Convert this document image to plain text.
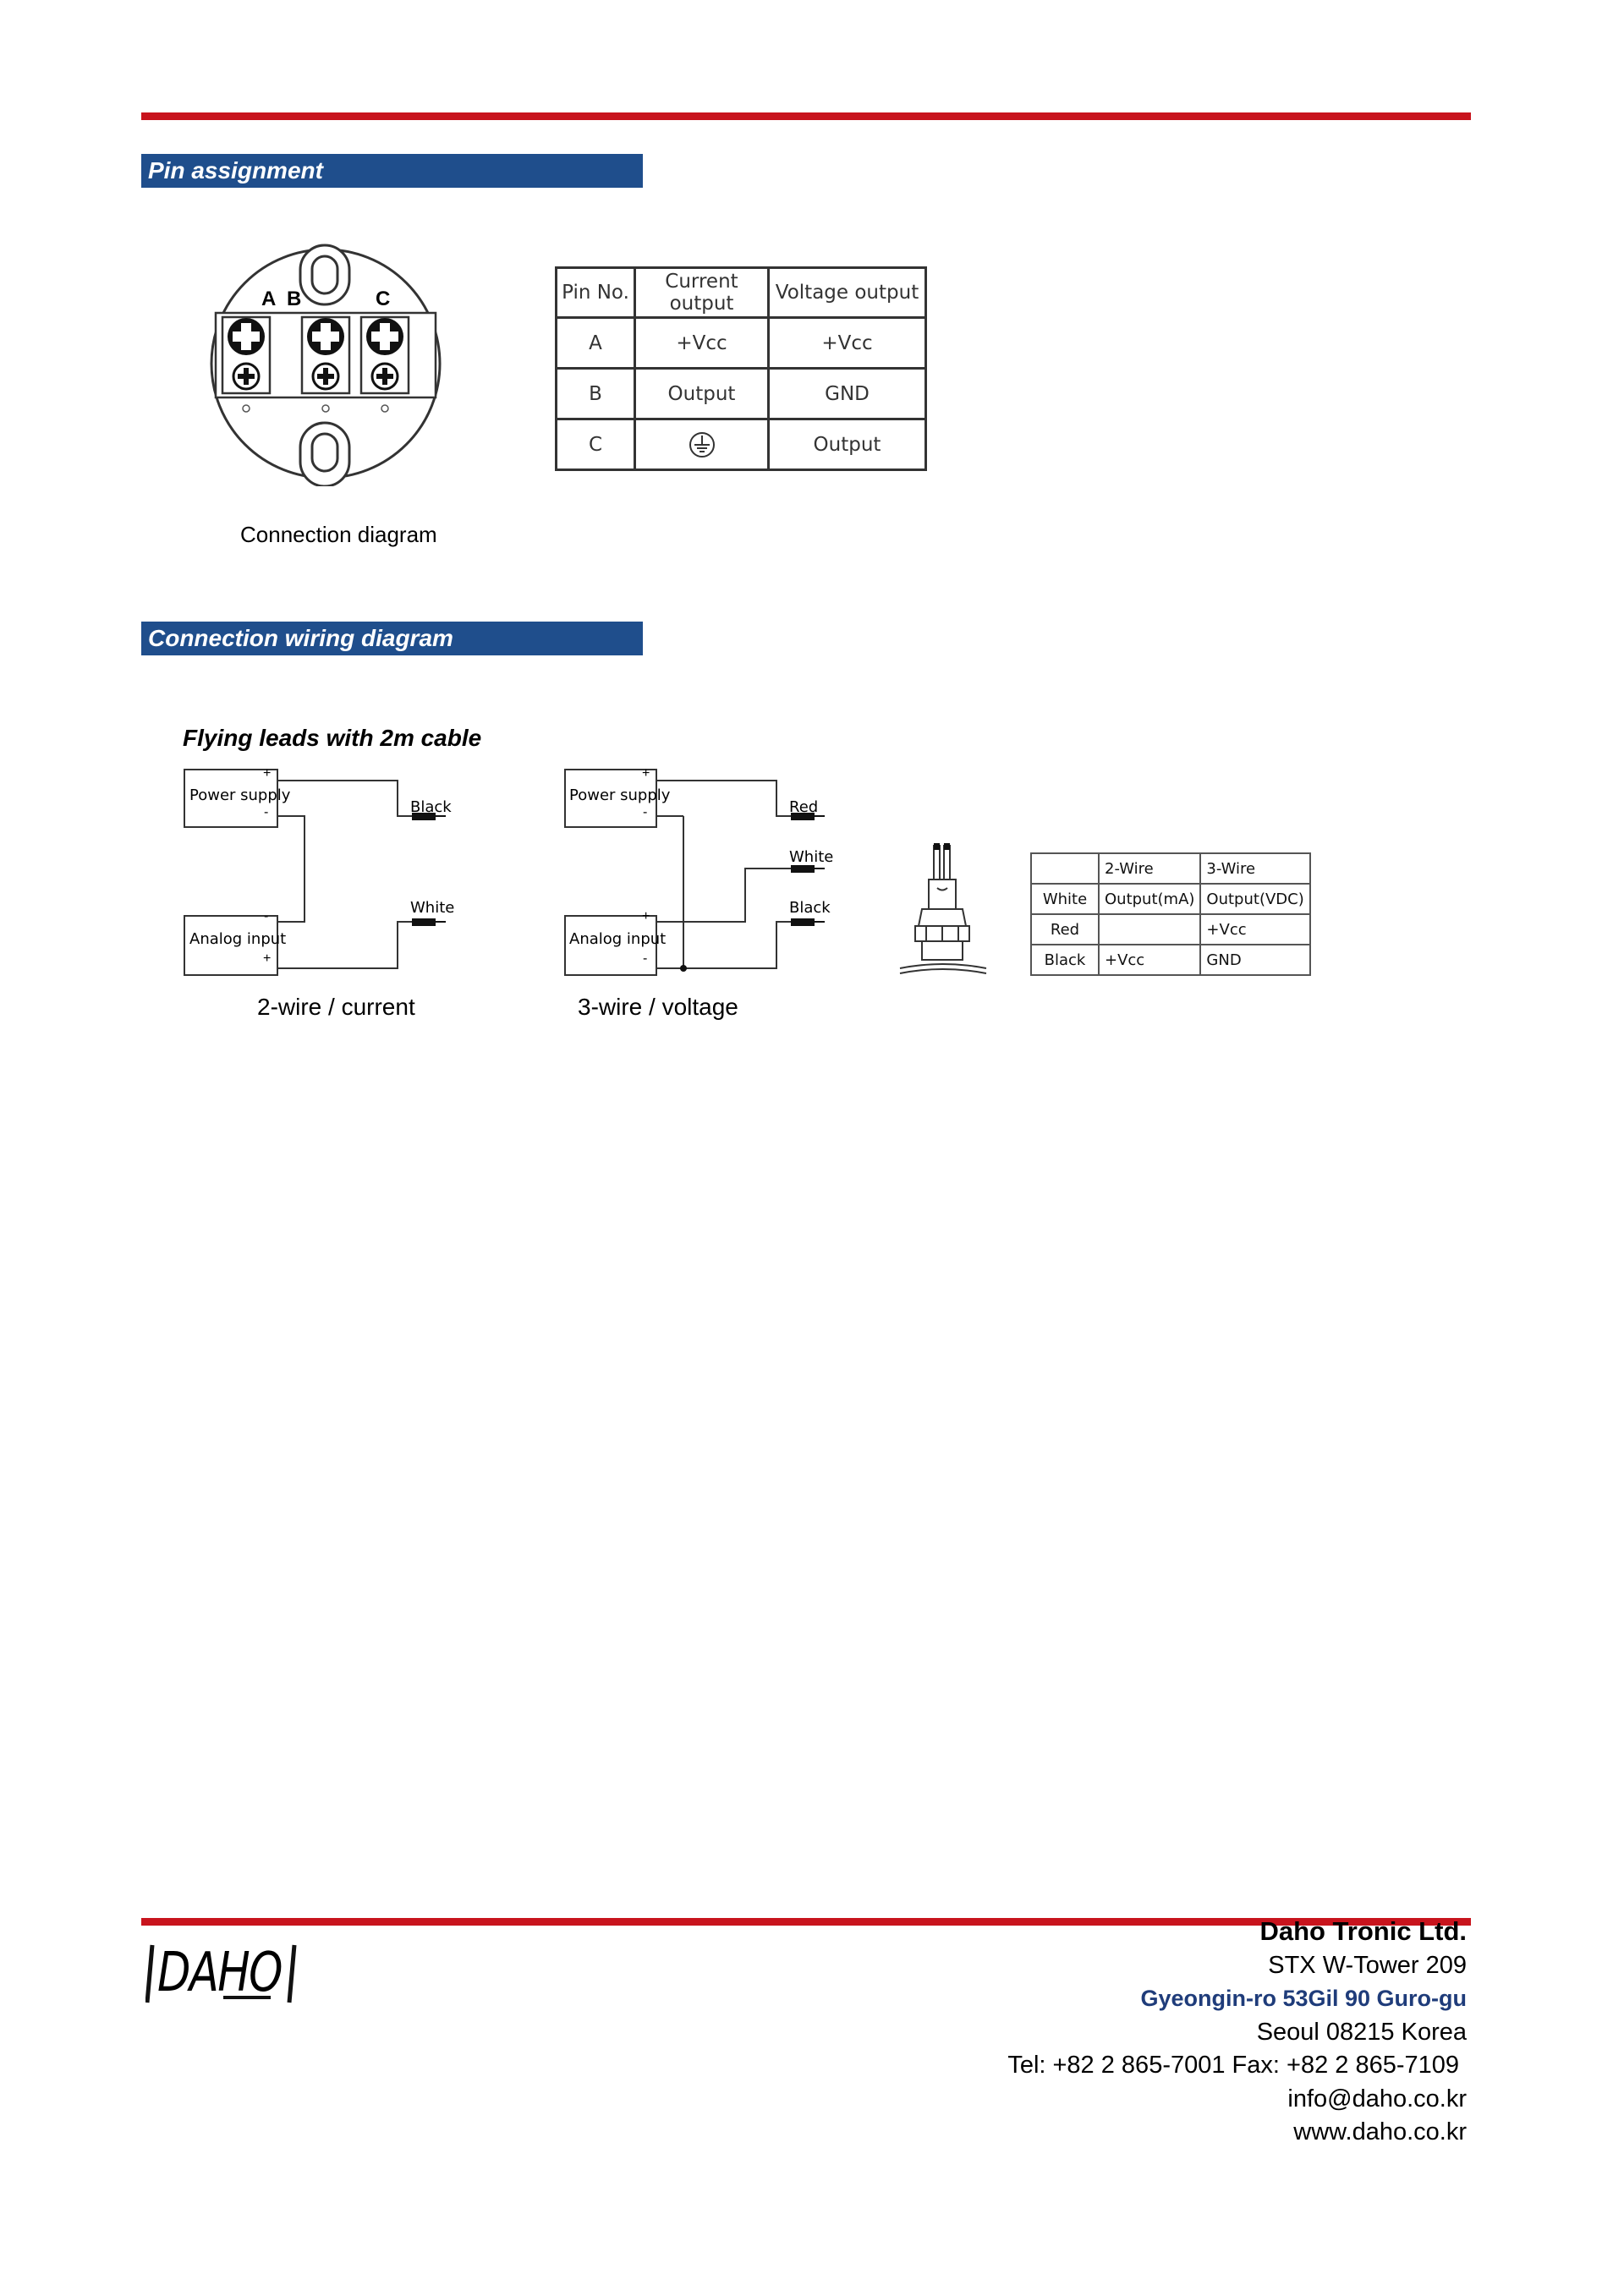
Pin assignment
A B	C
Connection diagram
Pin No.	Current output	Voltage output
A	+Vcc	+Vcc
B	Output	GND
C		Output
Connection wiring diagram
Flying leads with 2m cable
Power supply
Analog input
+
-
-
+
Black
White
2-wire / current
Power supply
Analog input
+
-
+
-
Red
White
Black
3-wire / voltage
	2-Wire	3-Wire
White	Output(mA)	Output(VDC)
Red		+Vcc
Black	+Vcc	GND
DAHO
Daho Tronic Ltd.
STX W-Tower 209
Gyeongin-ro 53Gil 90 Guro-gu
Seoul 08215 Korea
Tel: +82 2 865-7001 Fax: +82 2 865-7109
info@daho.co.kr
www.daho.co.kr
